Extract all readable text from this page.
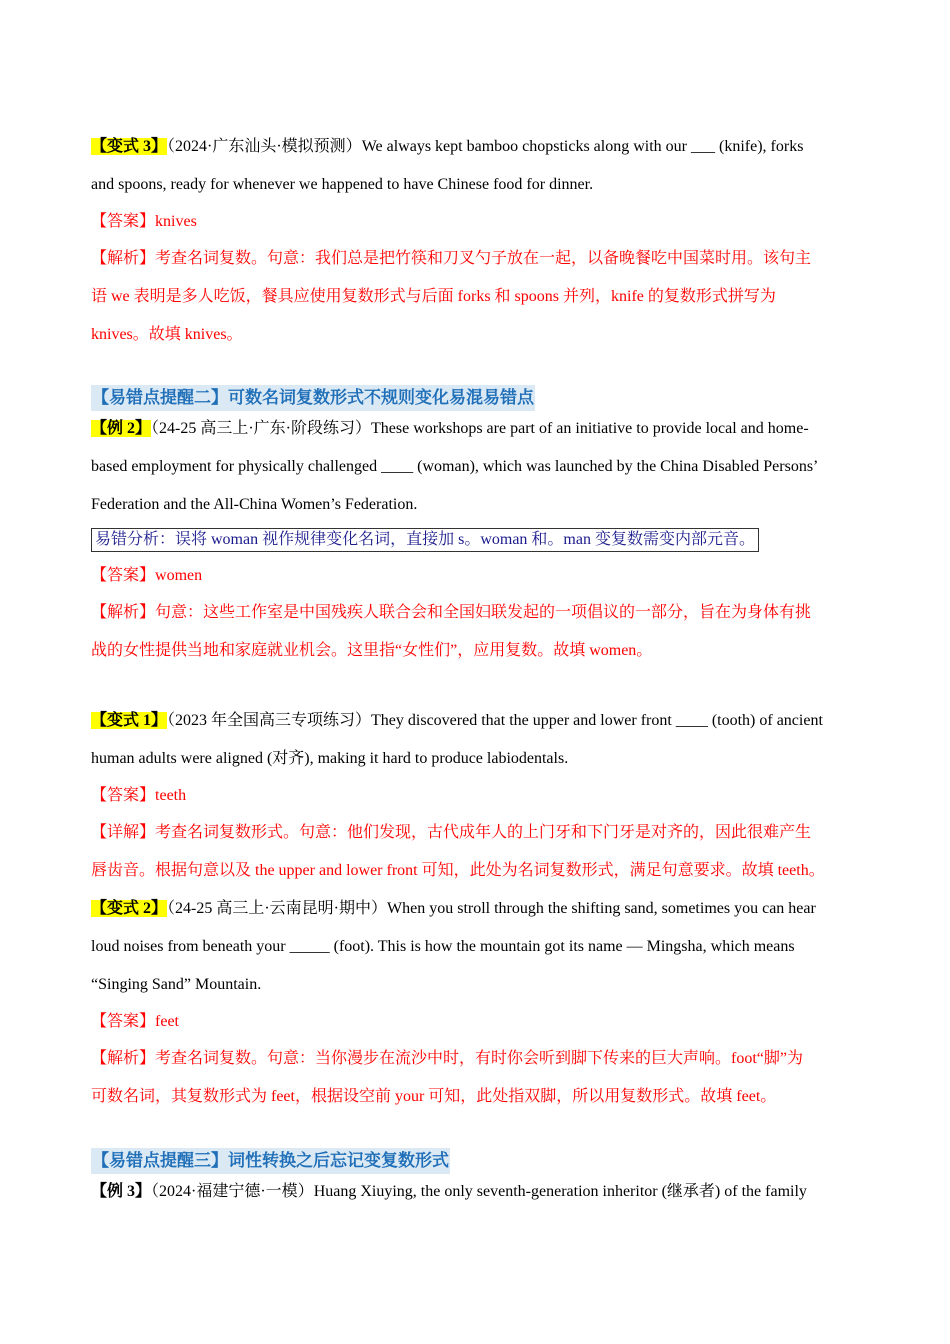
【变式 3】（2024·广东汕头·模拟预测）We always kept bamboo chopsticks along with our ___ (knife), forks
and spoons, ready for whenever we happened to have Chinese food for dinner.

【答案】knives

【解析】考查名词复数。句意：我们总是把竹筷和刀叉勺子放在一起，以备晚餐吃中国菜时用。该句主
语 we 表明是多人吃饭，餐具应使用复数形式与后面 forks 和 spoons 并列，knife 的复数形式拼写为
knives。故填 knives。

【易错点提醒二】可数名词复数形式不规则变化易混易错点

【例 2】（24-25 高三上·广东·阶段练习）These workshops are part of an initiative to provide local and home-
based employment for physically challenged ____ (woman), which was launched by the China Disabled Persons’
Federation and the All-China Women’s Federation.

易错分析：误将 woman 视作规律变化名词，直接加 s。woman 和。man 变复数需变内部元音。

【答案】women

【解析】句意：这些工作室是中国残疾人联合会和全国妇联发起的一项倡议的一部分，旨在为身体有挑
战的女性提供当地和家庭就业机会。这里指“女性们”，应用复数。故填 women。

【变式 1】（2023 年全国高三专项练习）They discovered that the upper and lower front ____ (tooth) of ancient
human adults were aligned (对齐), making it hard to produce labiodentals.

【答案】teeth

【详解】考查名词复数形式。句意：他们发现，古代成年人的上门牙和下门牙是对齐的，因此很难产生
唇齿音。根据句意以及 the upper and lower front 可知，此处为名词复数形式，满足句意要求。故填 teeth。

【变式 2】（24-25 高三上·云南昆明·期中）When you stroll through the shifting sand, sometimes you can hear
loud noises from beneath your _____ (foot). This is how the mountain got its name — Mingsha, which means
“Singing Sand” Mountain.

【答案】feet

【解析】考查名词复数。句意：当你漫步在流沙中时，有时你会听到脚下传来的巨大声响。foot“脚”为
可数名词，其复数形式为 feet，根据设空前 your 可知，此处指双脚，所以用复数形式。故填 feet。

【易错点提醒三】词性转换之后忘记变复数形式

【例 3】（2024·福建宁德·一模）Huang Xiuying, the only seventh-generation inheritor (继承者) of the family
